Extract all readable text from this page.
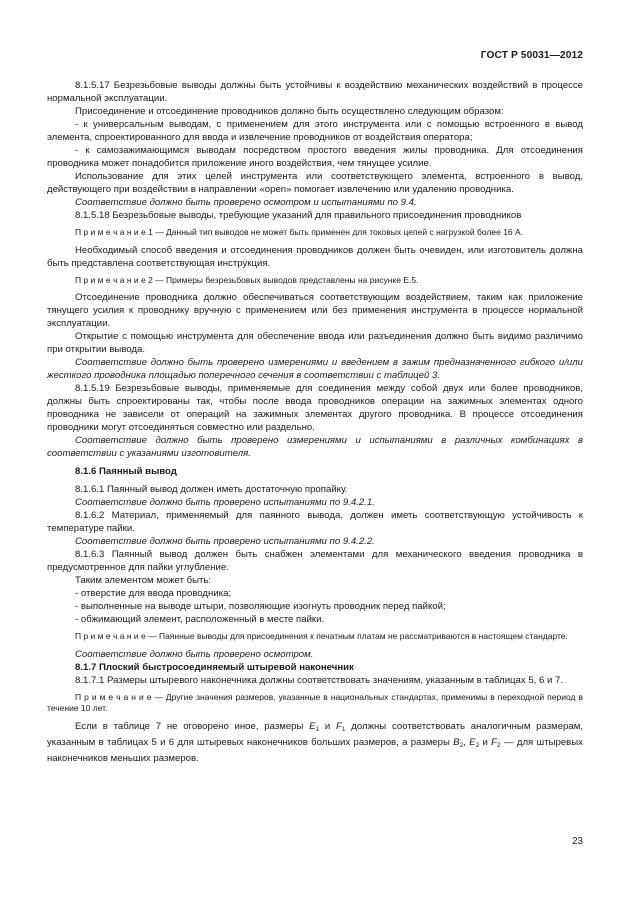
ГОСТ Р 50031—2012

8.1.5.17 Безрезьбовые выводы должны быть устойчивы к воздействию механических воздействий в процессе нормальной эксплуатации.

Присоединение и отсоединение проводников должно быть осуществлено следующим образом:

- к универсальным выводам, с применением для этого инструмента или с помощью встроенного в вывод элемента, спроектированного для ввода и извлечение проводников от воздействия оператора;

- к самозажимающимся выводам посредством простого введения жилы проводника. Для отсоединения проводника может понадобится приложение иного воздействия, чем тянущее усилие.

Использование для этих целей инструмента или соответствующего элемента, встроенного в вывод, действующего при воздействии в направлении «open» помогает извлечению или удалению проводника.

Соответствие должно быть проверено осмотром и испытаниями по 9.4.

8.1.5.18 Безрезьбовые выводы, требующие указаний для правильного присоединения проводников

П р и м е ч а н и е 1 — Данный тип выводов не может быть применен для токовых цепей с нагрузкой более 16 А.

Необходимый способ введения и отсоединения проводников должен быть очевиден, или изготовитель должна быть представлена соответствующая инструкция.

П р и м е ч а н и е 2 — Примеры безрезьбовых выводов представлены на рисунке Е.5.

Отсоединение проводника должно обеспечиваться соответствующим воздействием, таким как приложение тянущего усилия к проводнику вручную с применением или без применения инструмента в процессе нормальной эксплуатации.

Открытие с помощью инструмента для обеспечение ввода или разъединения должно быть видимо различимо при открытии вывода.

Соответствие должно быть проверено измерениями и введением в зажим предназначенного гибкого и/или жесткого проводника площадью поперечного сечения в соответствии с таблицей 3.

8.1.5.19 Безрезьбовые выводы, применяемые для соединения между собой двух или более проводников, должны быть спроектированы так, чтобы после ввода проводников операции на зажимных элементах одного проводника не зависели от операций на зажимных элементах другого проводника. В процессе отсоединения проводники могут отсоединяться совместно или раздельно.

Соответствие должно быть проверено измерениями и испытаниями в различных комбинациях в соответствии с указаниями изготовителя.

8.1.6 Паянный вывод

8.1.6.1 Паянный вывод должен иметь достаточную пропайку.

Соответствие должно быть проверено испытаниями по 9.4.2.1.

8.1.6.2 Материал, применяемый для паянного вывода, должен иметь соответствующую устойчивость к температуре пайки.

Соответствие должно быть проверено испытаниями по 9.4.2.2.

8.1.6.3 Паянный вывод должен быть снабжен элементами для механического введения проводника в предусмотренное для пайки углубление.

Таким элементом может быть:

- отверстие для ввода проводника;

- выполненные на выводе штыри, позволяющие изогнуть проводник перед пайкой;

- обжимающий элемент, расположенный в месте пайки.

П р и м е ч а н и е — Паянные выводы для присоединения к печатным платам не рассматриваются в настоящем стандарте.

Соответствие должно быть проверено осмотром.

8.1.7 Плоский быстросоединяемый штыревой наконечник

8.1.7.1 Размеры штыревого наконечника должны соответствовать значениям, указанным в таблицах 5, 6 и 7.

П р и м е ч а н и е — Другие значения размеров, указанные в национальных стандартах, применимы в переходной период в течение 10 лет.

Если в таблице 7 не оговорено иное, размеры $E_1$ и $F_1$ должны соответствовать аналогичным размерам, указанным в таблицах 5 и 6 для штыревых наконечников больших размеров, а размеры $B_2$, $E_2$ и $F_2$ — для штыревых наконечников меньших размеров.

23
